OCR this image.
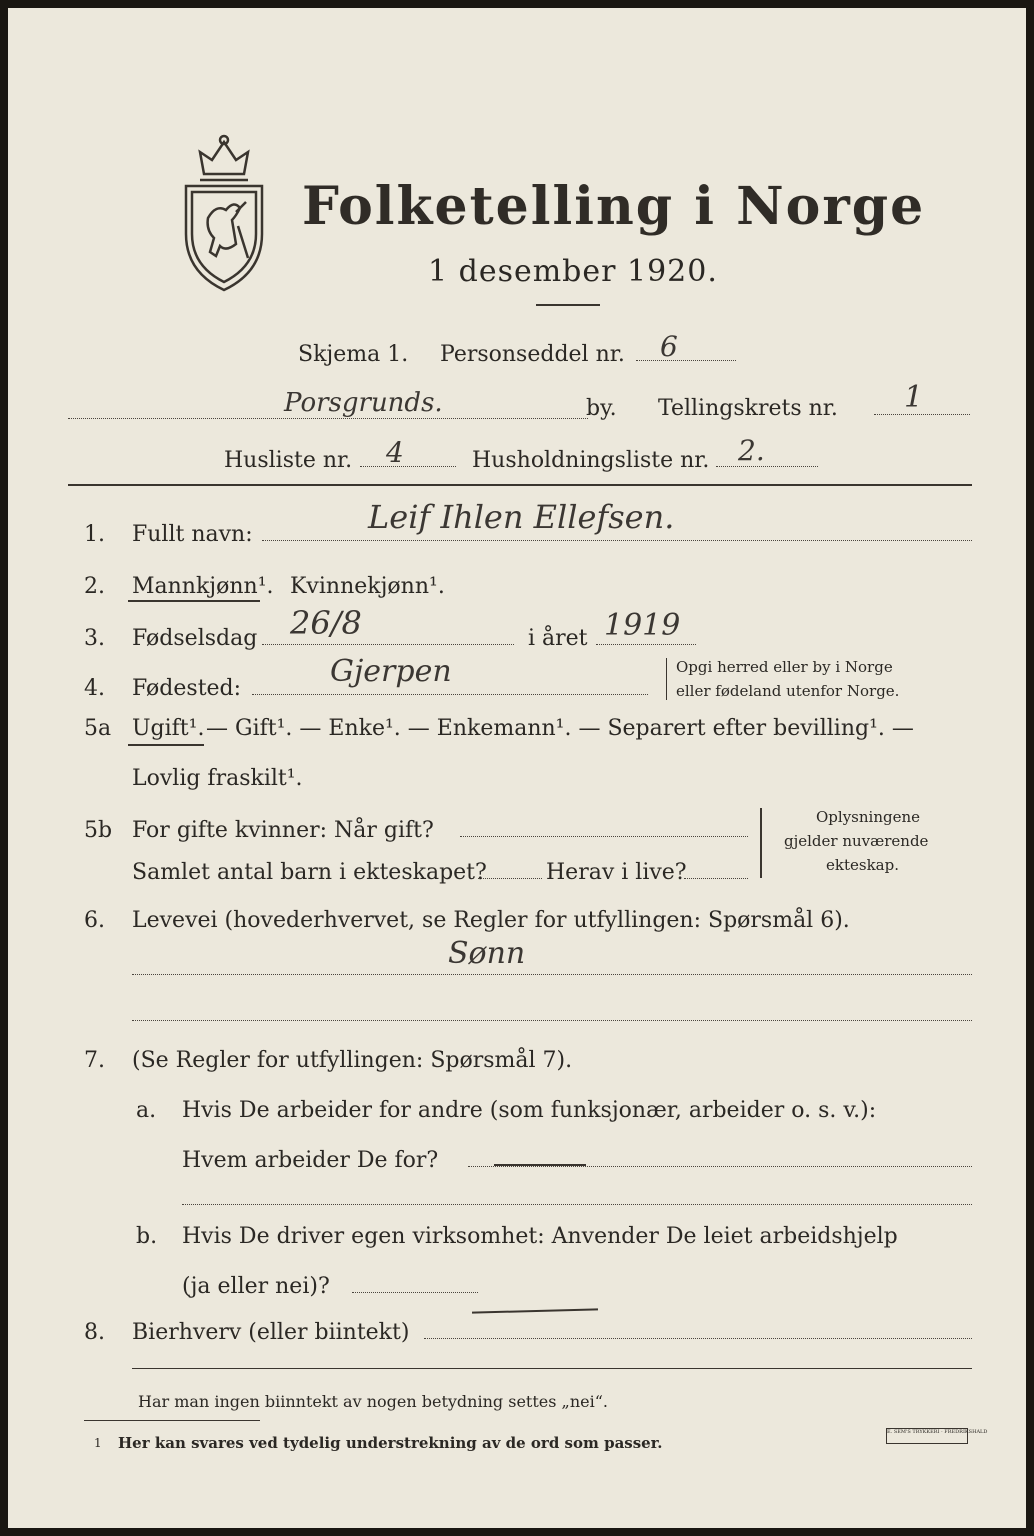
Folketelling i Norge
1 desember 1920.
Skjema 1. Personseddel nr. 6
Porsgrunds.	by. Tellingskrets nr. 1
Husliste nr. 4	Husholdningsliste nr. 2.
1. Fullt navn:	Leif Ihlen Ellefsen.
2. Mannkjønn¹. Kvinnekjønn¹.
3. Fødselsdag 26/8	i året 1919
4. Fødested:	Gjerpen	Opgi herred eller by i Norge
eller fødeland utenfor Norge.
5a Ugift¹. — Gift¹. — Enke¹. — Enkemann¹. — Separert efter bevilling¹. —
Lovlig fraskilt¹.
5b For gifte kvinner: Når gift?
Samlet antal barn i ekteskapet?	Herav i live?
Oplysningene
gjelder nuværende
ekteskap.
6. Levevei (hovederhvervet, se Regler for utfyllingen: Spørsmål 6).
Sønn
7. (Se Regler for utfyllingen: Spørsmål 7).
a. Hvis De arbeider for andre (som funksjonær, arbeider o. s. v.):
Hvem arbeider De for?
b. Hvis De driver egen virksomhet: Anvender De leiet arbeidshjelp
(ja eller nei)?
8. Bierhverv (eller biintekt)
Har man ingen biinntekt av nogen betydning settes „nei“.
1 Her kan svares ved tydelig understrekning av de ord som passer.
E. SEM'S TRYKKERI · FREDRIKSHALD
